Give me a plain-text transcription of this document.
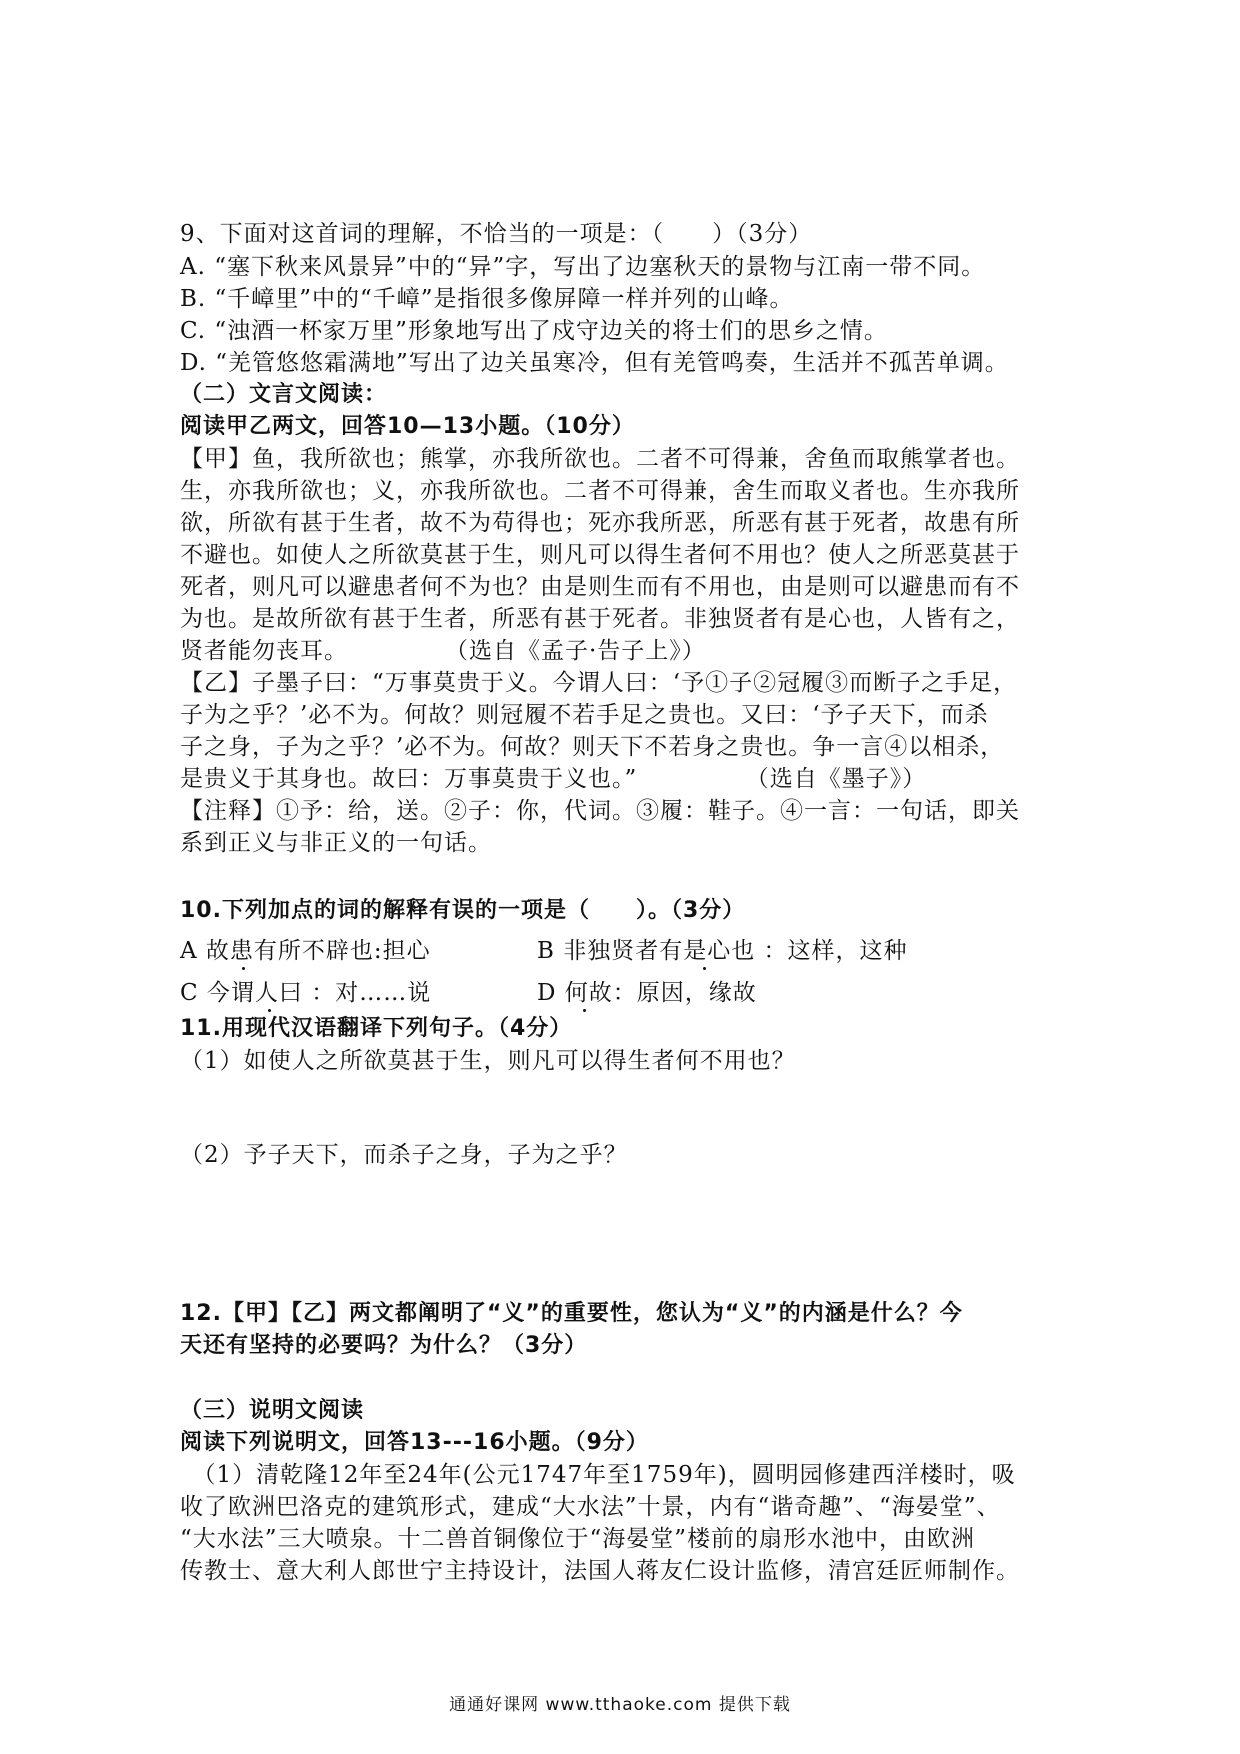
9、下面对这首词的理解，不恰当的一项是：（　　）（3分）
A. “塞下秋来风景异”中的“异”字，写出了边塞秋天的景物与江南一带不同。
B. “千嶂里”中的“千嶂”是指很多像屏障一样并列的山峰。
C. “浊酒一杯家万里”形象地写出了戍守边关的将士们的思乡之情。
D. “羌管悠悠霜满地”写出了边关虽寒冷，但有羌管鸣奏，生活并不孤苦单调。
（二）文言文阅读：
阅读甲乙两文，回答10—13小题。（10分）
【甲】鱼，我所欲也；熊掌，亦我所欲也。二者不可得兼，舍鱼而取熊掌者也。
生，亦我所欲也；义，亦我所欲也。二者不可得兼，舍生而取义者也。生亦我所
欲，所欲有甚于生者，故不为苟得也；死亦我所恶，所恶有甚于死者，故患有所
不避也。如使人之所欲莫甚于生，则凡可以得生者何不用也？使人之所恶莫甚于
死者，则凡可以避患者何不为也？由是则生而有不用也，由是则可以避患而有不
为也。是故所欲有甚于生者，所恶有甚于死者。非独贤者有是心也，人皆有之，
贤者能勿丧耳。　　　　　（选自《孟子·告子上》）
【乙】子墨子曰：“万事莫贵于义。今谓人曰：‘予①子②冠履③而断子之手足，
子为之乎？’必不为。何故？则冠履不若手足之贵也。又曰：‘予子天下，而杀
子之身，子为之乎？’必不为。何故？则天下不若身之贵也。争一言④以相杀，
是贵义于其身也。故曰：万事莫贵于义也。”　　　　　（选自《墨子》）
【注释】①予：给，送。②子：你，代词。③履：鞋子。④一言：一句话，即关
系到正义与非正义的一句话。
10.下列加点的词的解释有误的一项是（　　）。（3分）
A 故患有所不辟也:担心	B 非独贤者有是心也 ：这样，这种
C 今谓人曰 ：对……说	D 何故：原因，缘故
11.用现代汉语翻译下列句子。（4分）
（1）如使人之所欲莫甚于生，则凡可以得生者何不用也？
（2）予子天下，而杀子之身，子为之乎？
12.【甲】【乙】两文都阐明了“义”的重要性，您认为“义”的内涵是什么？今
天还有坚持的必要吗？为什么？（3分）
（三）说明文阅读
阅读下列说明文，回答13---16小题。（9分）
　（1）清乾隆12年至24年(公元1747年至1759年)，圆明园修建西洋楼时，吸
收了欧洲巴洛克的建筑形式，建成“大水法”十景，内有“谐奇趣”、“海晏堂”、
“大水法”三大喷泉。十二兽首铜像位于“海晏堂”楼前的扇形水池中，由欧洲
传教士、意大利人郎世宁主持设计，法国人蒋友仁设计监修，清宫廷匠师制作。
通通好课网 www.tthaoke.com 提供下载
